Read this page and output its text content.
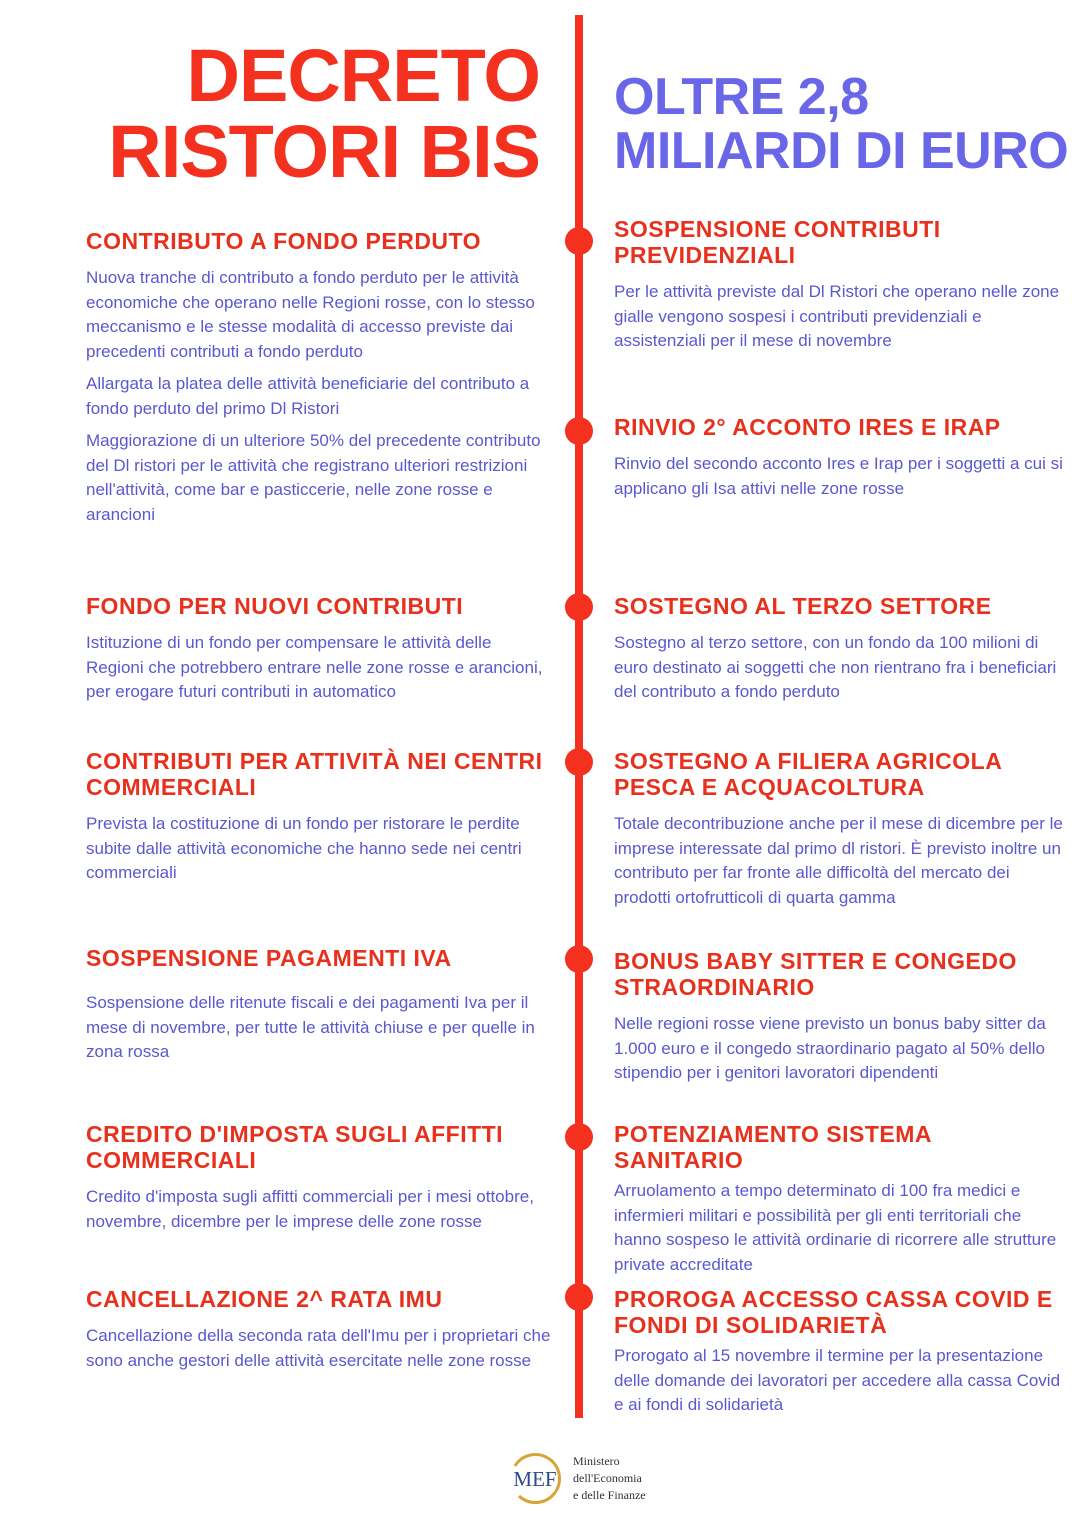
DECRETO
RISTORI BIS
OLTRE 2,8
MILIARDI DI EURO
CONTRIBUTO A FONDO PERDUTO

Nuova tranche di contributo a fondo perduto per le attività economiche che operano nelle Regioni rosse, con lo stesso meccanismo e le stesse modalità di accesso previste dai precedenti contributi a fondo perduto

Allargata la platea delle attività beneficiarie del contributo a fondo perduto del primo Dl Ristori

Maggiorazione di un ulteriore 50% del precedente contributo del Dl ristori per le attività che registrano ulteriori restrizioni nell'attività, come bar e pasticcerie, nelle zone rosse e arancioni

FONDO PER NUOVI CONTRIBUTI

Istituzione di un fondo per compensare le attività delle Regioni che potrebbero entrare nelle zone rosse e arancioni, per erogare futuri contributi in automatico

CONTRIBUTI PER ATTIVITÀ NEI CENTRI COMMERCIALI

Prevista la costituzione di un fondo per ristorare le perdite subite dalle attività economiche che hanno sede nei centri commerciali

SOSPENSIONE PAGAMENTI IVA

Sospensione delle ritenute fiscali e dei pagamenti Iva per il mese di novembre, per tutte le attività chiuse e per quelle in zona rossa

CREDITO D'IMPOSTA SUGLI AFFITTI COMMERCIALI

Credito d'imposta sugli affitti commerciali per i mesi ottobre, novembre, dicembre per le imprese delle zone rosse

CANCELLAZIONE 2^ RATA IMU

Cancellazione della seconda rata dell'Imu per i proprietari che sono anche gestori delle attività esercitate nelle zone rosse

SOSPENSIONE CONTRIBUTI PREVIDENZIALI

Per le attività previste dal Dl Ristori che operano nelle zone gialle vengono sospesi i contributi previdenziali e assistenziali per il mese di novembre

RINVIO 2° ACCONTO IRES E IRAP

Rinvio del secondo acconto Ires e Irap per i soggetti a cui si applicano gli Isa attivi nelle zone rosse

SOSTEGNO AL TERZO SETTORE

Sostegno al terzo settore, con un fondo da 100 milioni di euro destinato ai soggetti che non rientrano fra i beneficiari del contributo a fondo perduto

SOSTEGNO A FILIERA AGRICOLA PESCA E ACQUACOLTURA

Totale decontribuzione anche per il mese di dicembre per le imprese interessate dal primo dl ristori. È previsto inoltre un contributo per far fronte alle difficoltà del mercato dei prodotti ortofrutticoli di quarta gamma

BONUS BABY SITTER E CONGEDO STRAORDINARIO

Nelle regioni rosse viene previsto un bonus baby sitter da 1.000 euro e il congedo straordinario pagato al 50% dello stipendio per i genitori lavoratori dipendenti

POTENZIAMENTO SISTEMA SANITARIO

Arruolamento a tempo determinato di 100 fra medici e infermieri militari e possibilità per gli enti territoriali che hanno sospeso le attività ordinarie di ricorrere alle strutture private accreditate

PROROGA ACCESSO CASSA COVID E FONDI DI SOLIDARIETÀ

Prorogato al 15 novembre il termine per la presentazione delle domande dei lavoratori per accedere alla cassa Covid e ai fondi di solidarietà

MEF
Ministero
dell'Economia
e delle Finanze
